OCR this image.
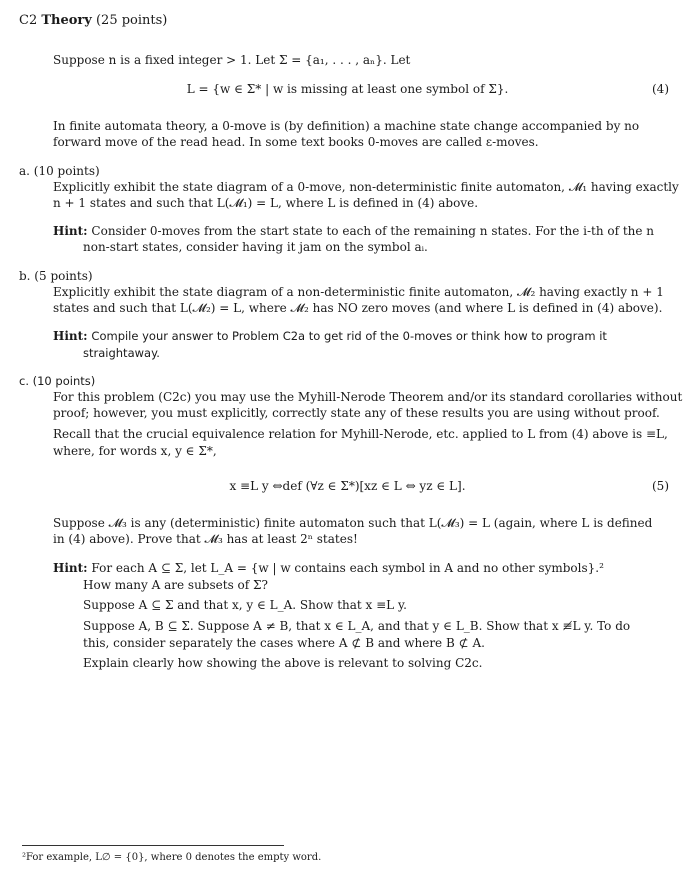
C2 Theory (25 points)
Suppose n is a fixed integer > 1. Let Σ = {a₁, . . . , aₙ}. Let
L = {w ∈ Σ* | w is missing at least one symbol of Σ}.	(4)
In finite automata theory, a 0-move is (by definition) a machine state change accompanied by no
forward move of the read head. In some text books 0-moves are called ε-moves.
a. (10 points)
Explicitly exhibit the state diagram of a 0-move, non-deterministic finite automaton, 𝓜₁ having exactly
n + 1 states and such that L(𝓜₁) = L, where L is defined in (4) above.
Hint: Consider 0-moves from the start state to each of the remaining n states. For the i-th of the n
non-start states, consider having it jam on the symbol aᵢ.
b. (5 points)
Explicitly exhibit the state diagram of a non-deterministic finite automaton, 𝓜₂ having exactly n + 1
states and such that L(𝓜₂) = L, where 𝓜₂ has NO zero moves (and where L is defined in (4) above).
Hint: Compile your answer to Problem C2a to get rid of the 0-moves or think how to program it
straightaway.
c. (10 points)
For this problem (C2c) you may use the Myhill-Nerode Theorem and/or its standard corollaries without
proof; however, you must explicitly, correctly state any of these results you are using without proof.
Recall that the crucial equivalence relation for Myhill-Nerode, etc. applied to L from (4) above is ≡L,
where, for words x, y ∈ Σ*,
x ≡L y ⇔def (∀z ∈ Σ*)[xz ∈ L ⇔ yz ∈ L].	(5)
Suppose 𝓜₃ is any (deterministic) finite automaton such that L(𝓜₃) = L (again, where L is defined
in (4) above). Prove that 𝓜₃ has at least 2ⁿ states!
Hint: For each A ⊆ Σ, let L_A = {w | w contains each symbol in A and no other symbols}.²
How many A are subsets of Σ?
Suppose A ⊆ Σ and that x, y ∈ L_A. Show that x ≡L y.
Suppose A, B ⊆ Σ. Suppose A ≠ B, that x ∈ L_A, and that y ∈ L_B. Show that x ≢L y. To do
this, consider separately the cases where A ⊄ B and where B ⊄ A.
Explain clearly how showing the above is relevant to solving C2c.
²For example, L∅ = {0}, where 0 denotes the empty word.
